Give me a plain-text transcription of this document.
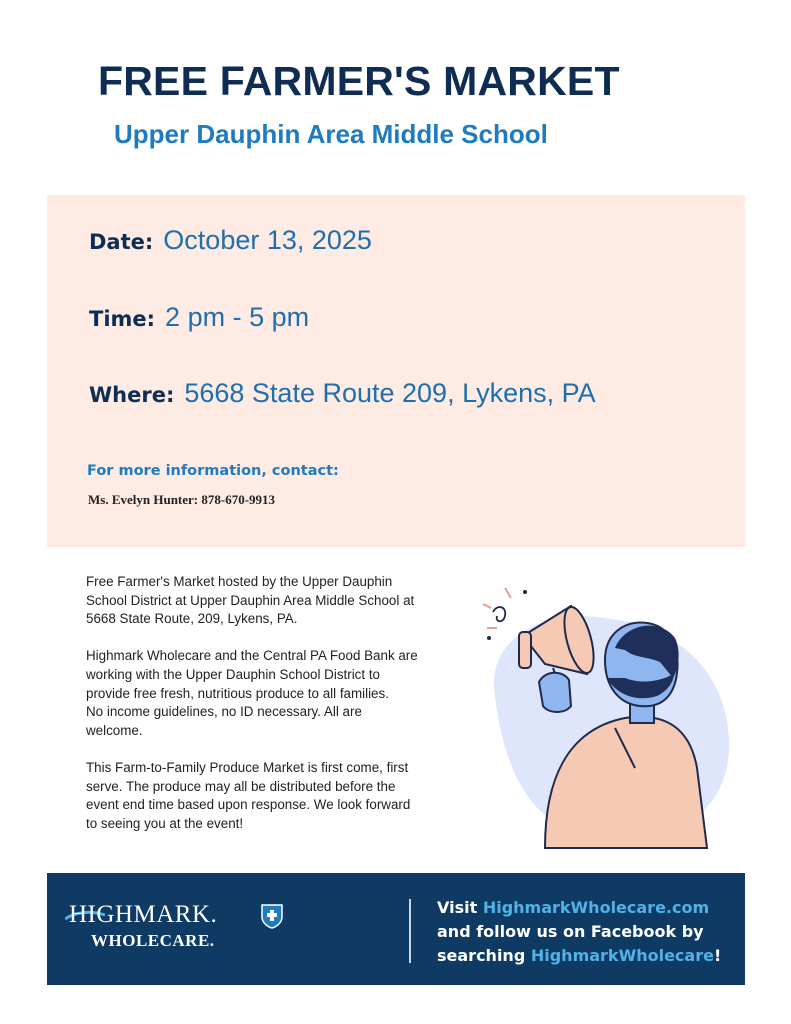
FREE FARMER'S MARKET
Upper Dauphin Area Middle School
Date: October 13, 2025
Time: 2 pm - 5 pm
Where: 5668 State Route 209, Lykens, PA
For more information, contact:
Ms. Evelyn Hunter: 878-670-9913

Free Farmer's Market hosted by the Upper Dauphin
School District at Upper Dauphin Area Middle School at
5668 State Route, 209, Lykens, PA.

Highmark Wholecare and the Central PA Food Bank are
working with the Upper Dauphin School District to
provide free fresh, nutritious produce to all families.
No income guidelines, no ID necessary. All are
welcome.

This Farm-to-Family Produce Market is first come, first
serve. The produce may all be distributed before the
event end time based upon response. We look forward
to seeing you at the event!

HIGHMARK.
WHOLECARE.
Visit HighmarkWholecare.com and follow us on Facebook by searching HighmarkWholecare!
